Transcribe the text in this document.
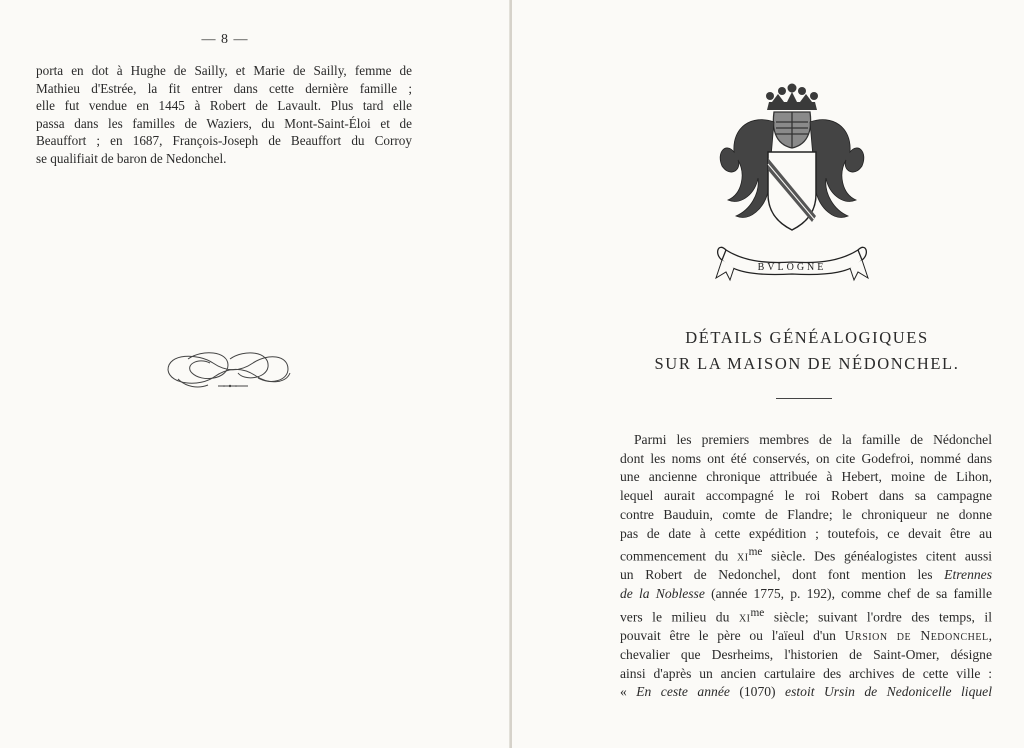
— 8 —

porta en dot à Hughe de Sailly, et Marie de Sailly, femme de

Mathieu d'Estrée, la fit entrer dans cette dernière famille ;

elle fut vendue en 1445 à Robert de Lavault. Plus tard elle

passa dans les familles de Waziers, du Mont-Saint-Éloi et de

Beauffort ; en 1687, François-Joseph de Beauffort du Corroy

se qualifiait de baron de Nedonchel.

BVLOGNE
DÉTAILS GÉNÉALOGIQUES
SUR LA MAISON DE NÉDONCHEL.

Parmi les premiers membres de la famille de Nédonchel

dont les noms ont été conservés, on cite Godefroi, nommé dans

une ancienne chronique attribuée à Hebert, moine de Lihon,

lequel aurait accompagné le roi Robert dans sa campagne

contre Bauduin, comte de Flandre; le chroniqueur ne donne

pas de date à cette expédition ; toutefois, ce devait être au

commencement du $xi^{me}$ siècle. Des généalogistes citent aussi

un Robert de Nedonchel, dont font mention les Etrennes

de la Noblesse (année 1775, p. 192), comme chef de sa famille

vers le milieu du $xi^{me}$ siècle; suivant l'ordre des temps, il

pouvait être le père ou l'aïeul d'un Ursion de Nedonchel,

chevalier que Desrheims, l'historien de Saint-Omer, désigne

ainsi d'après un ancien cartulaire des archives de cette ville :

« En ceste année (1070) estoit Ursin de Nedonicelle liquel
